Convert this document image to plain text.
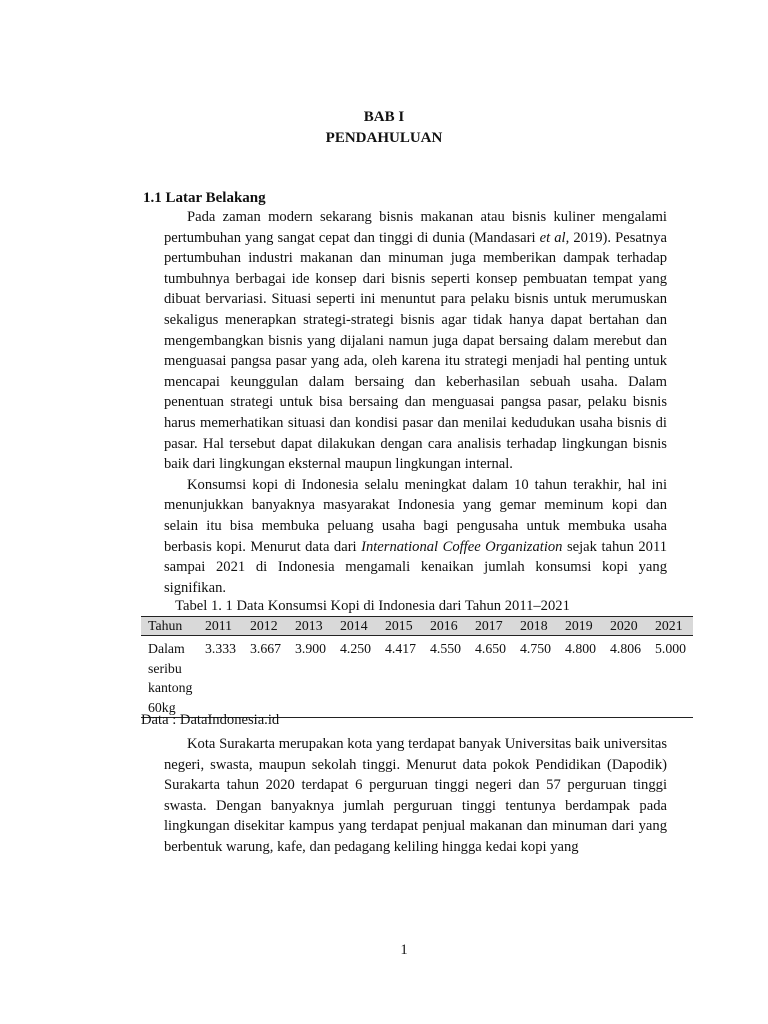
BAB I
PENDAHULUAN
1.1 Latar Belakang

Pada zaman modern sekarang bisnis makanan atau bisnis kuliner mengalami pertumbuhan yang sangat cepat dan tinggi di dunia (Mandasari et al, 2019). Pesatnya pertumbuhan industri makanan dan minuman juga memberikan dampak terhadap tumbuhnya berbagai ide konsep dari bisnis seperti konsep pembuatan tempat yang dibuat bervariasi. Situasi seperti ini menuntut para pelaku bisnis untuk merumuskan sekaligus menerapkan strategi-strategi bisnis agar tidak hanya dapat bertahan dan mengembangkan bisnis yang dijalani namun juga dapat bersaing dalam merebut dan menguasai pangsa pasar yang ada, oleh karena itu strategi menjadi hal penting untuk mencapai keunggulan dalam bersaing dan keberhasilan sebuah usaha. Dalam penentuan strategi untuk bisa bersaing dan menguasai pangsa pasar, pelaku bisnis harus memerhatikan situasi dan kondisi pasar dan menilai kedudukan usaha bisnis di pasar. Hal tersebut dapat dilakukan dengan cara analisis terhadap lingkungan bisnis baik dari lingkungan eksternal maupun lingkungan internal.

Konsumsi kopi di Indonesia selalu meningkat dalam 10 tahun terakhir, hal ini menunjukkan banyaknya masyarakat Indonesia yang gemar meminum kopi dan selain itu bisa membuka peluang usaha bagi pengusaha untuk membuka usaha berbasis kopi. Menurut data dari International Coffee Organization sejak tahun 2011 sampai 2021 di Indonesia mengamali kenaikan jumlah konsumsi kopi yang signifikan.

Tabel 1. 1 Data Konsumsi Kopi di Indonesia dari Tahun 2011–2021
Tahun	2011	2012	2013	2014	2015	2016	2017	2018	2019	2020	2021

Dalam
seribu
kantong
60kg	3.333	3.667	3.900	4.250	4.417	4.550	4.650	4.750	4.800	4.806	5.000
Data : DataIndonesia.id

Kota Surakarta merupakan kota yang terdapat banyak Universitas baik universitas negeri, swasta, maupun sekolah tinggi. Menurut data pokok Pendidikan (Dapodik) Surakarta tahun 2020 terdapat 6 perguruan tinggi negeri dan 57 perguruan tinggi swasta. Dengan banyaknya jumlah perguruan tinggi tentunya berdampak pada lingkungan disekitar kampus yang terdapat penjual makanan dan minuman dari yang berbentuk warung, kafe, dan pedagang keliling hingga kedai kopi yang

1
